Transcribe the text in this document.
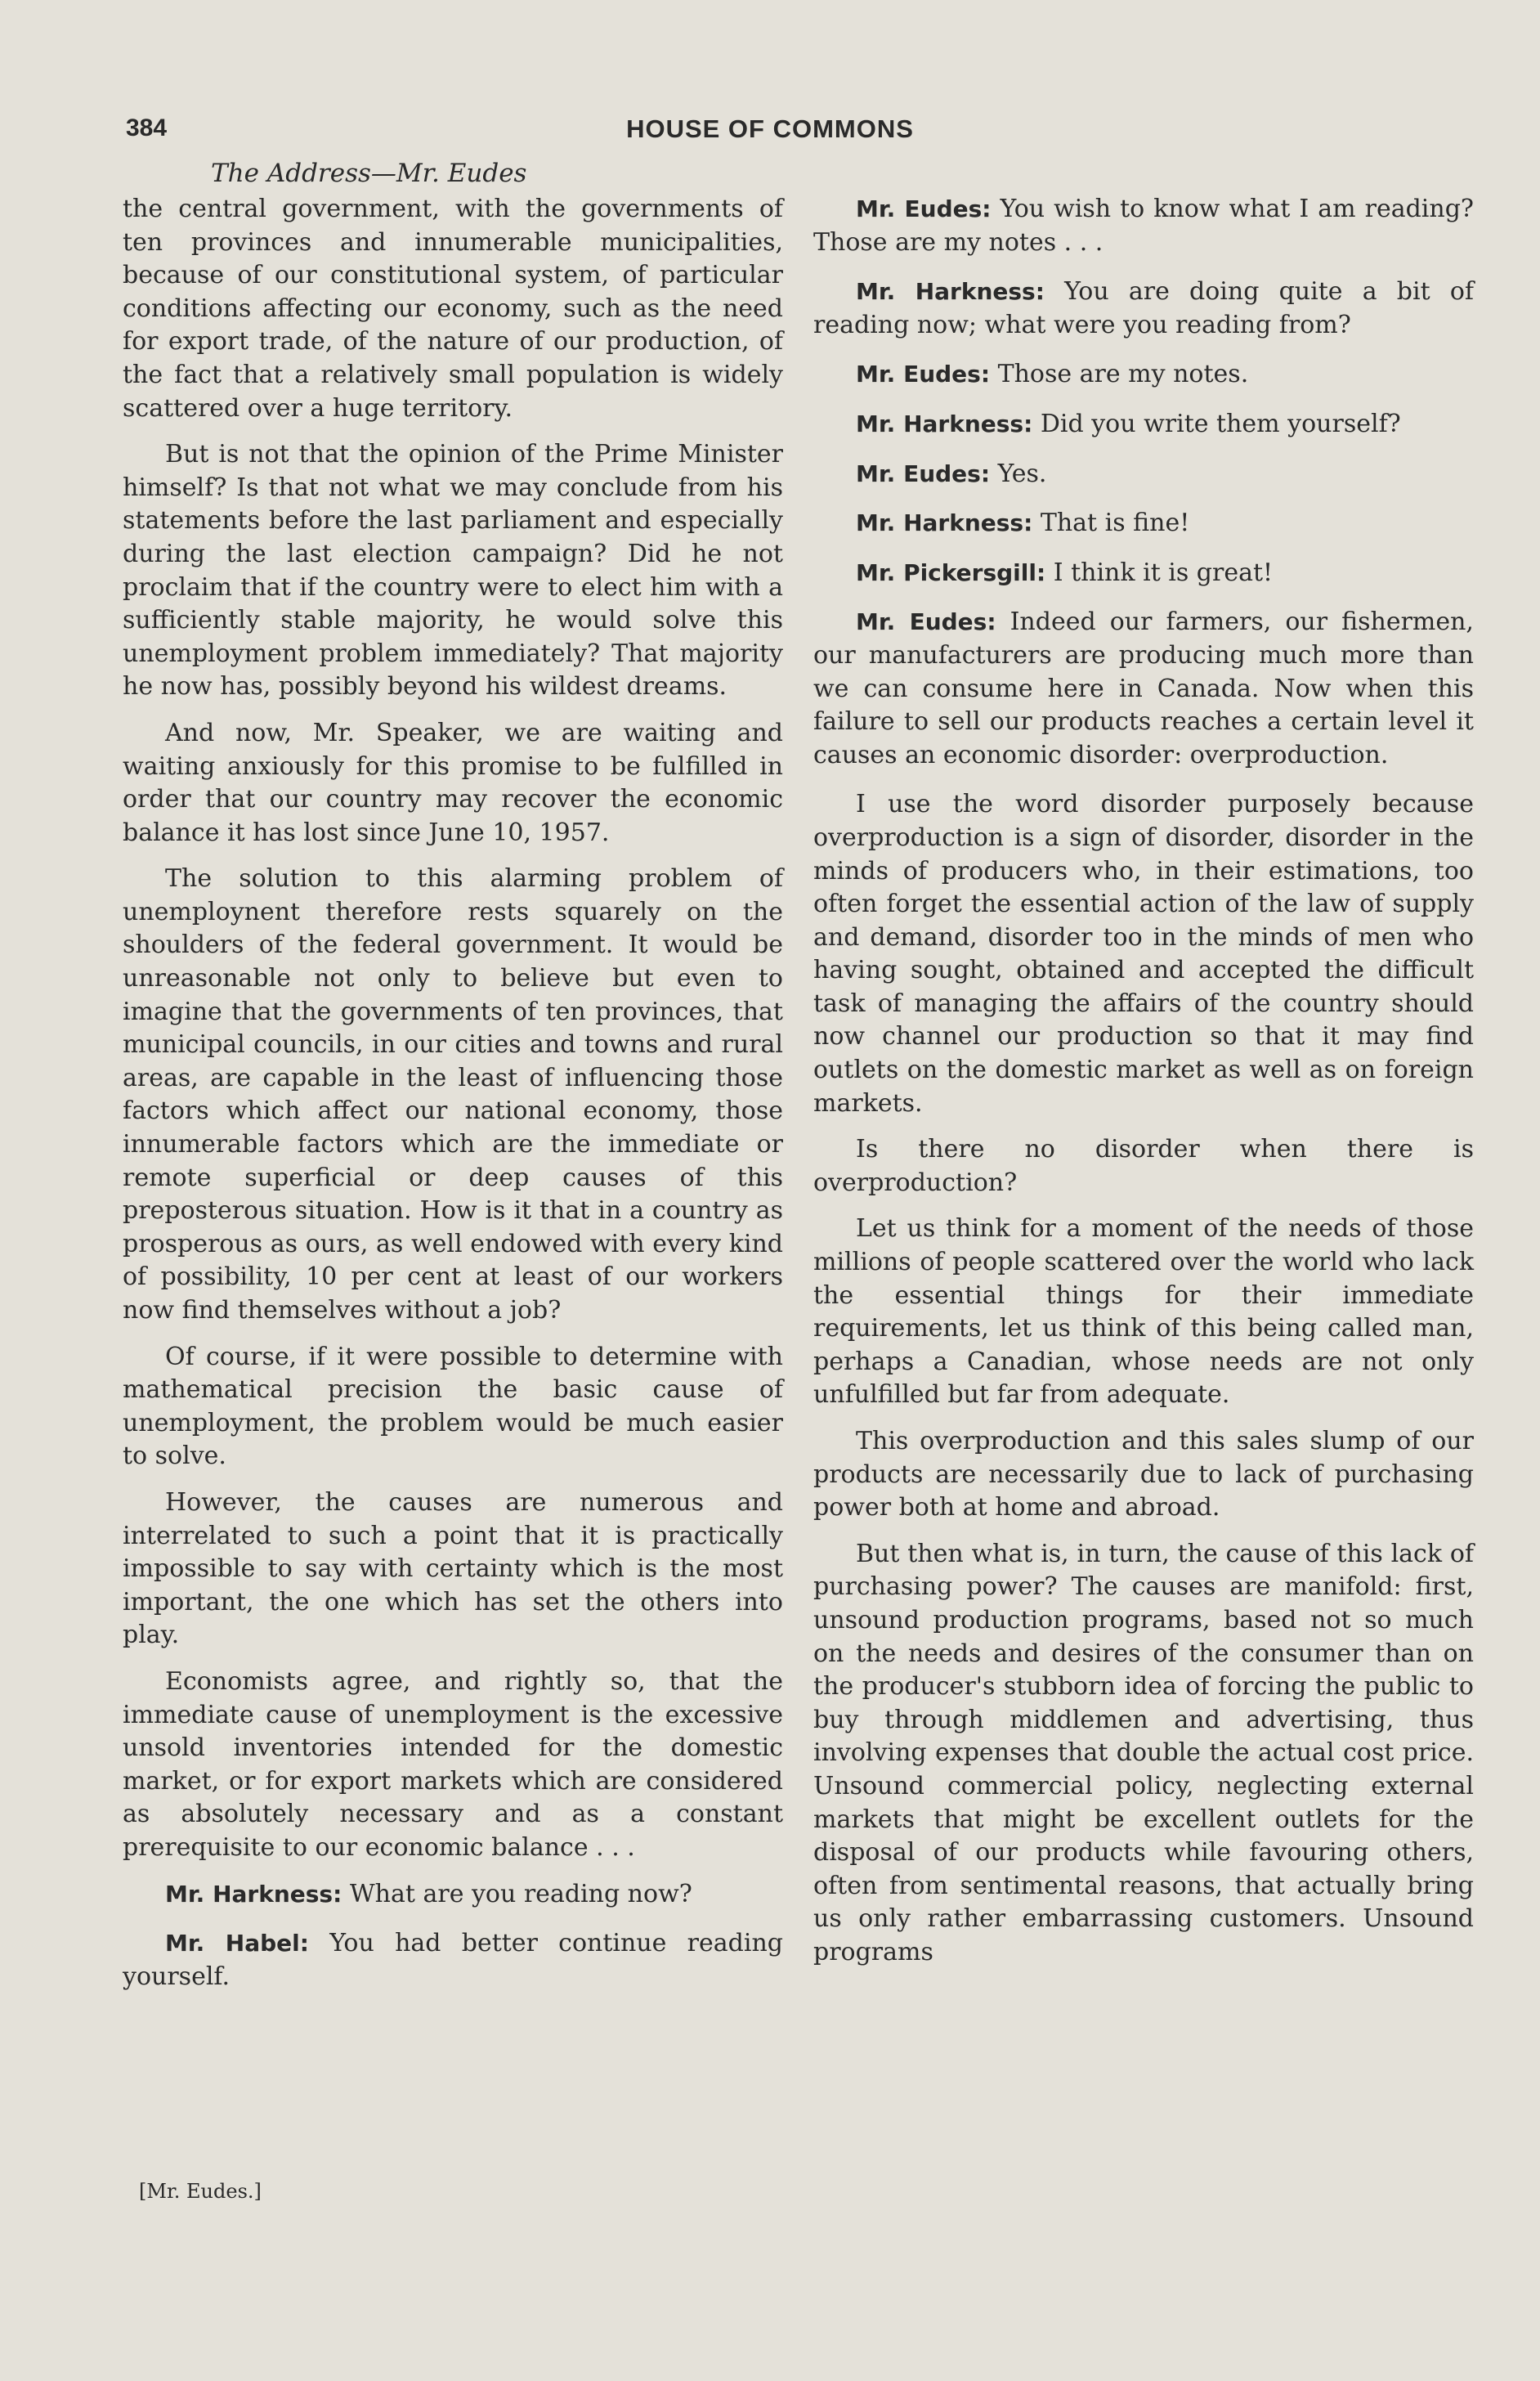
384	HOUSE OF COMMONS
The Address—Mr. Eudes

the central government, with the governments of ten provinces and innumerable municipalities, because of our constitutional system, of particular conditions affecting our economy, such as the need for export trade, of the nature of our production, of the fact that a relatively small population is widely scattered over a huge territory.

But is not that the opinion of the Prime Minister himself? Is that not what we may conclude from his statements before the last parliament and especially during the last election campaign? Did he not proclaim that if the country were to elect him with a sufficiently stable majority, he would solve this unemployment problem immediately? That majority he now has, possibly beyond his wildest dreams.

And now, Mr. Speaker, we are waiting and waiting anxiously for this promise to be fulfilled in order that our country may recover the economic balance it has lost since June 10, 1957.

The solution to this alarming problem of unemploynent therefore rests squarely on the shoulders of the federal government. It would be unreasonable not only to believe but even to imagine that the governments of ten provinces, that municipal councils, in our cities and towns and rural areas, are capable in the least of influencing those factors which affect our national economy, those innumerable factors which are the immediate or remote superficial or deep causes of this preposterous situation. How is it that in a country as prosperous as ours, as well endowed with every kind of possibility, 10 per cent at least of our workers now find themselves without a job?

Of course, if it were possible to determine with mathematical precision the basic cause of unemployment, the problem would be much easier to solve.

However, the causes are numerous and interrelated to such a point that it is practically impossible to say with certainty which is the most important, the one which has set the others into play.

Economists agree, and rightly so, that the immediate cause of unemployment is the excessive unsold inventories intended for the domestic market, or for export markets which are considered as absolutely necessary and as a constant prerequisite to our economic balance . . .

Mr. Harkness: What are you reading now?

Mr. Habel: You had better continue reading yourself.

Mr. Eudes: You wish to know what I am reading? Those are my notes . . .

Mr. Harkness: You are doing quite a bit of reading now; what were you reading from?

Mr. Eudes: Those are my notes.

Mr. Harkness: Did you write them yourself?

Mr. Eudes: Yes.

Mr. Harkness: That is fine!

Mr. Pickersgill: I think it is great!

Mr. Eudes: Indeed our farmers, our fishermen, our manufacturers are producing much more than we can consume here in Canada. Now when this failure to sell our products reaches a certain level it causes an economic disorder: overproduction.

I use the word disorder purposely because overproduction is a sign of disorder, disorder in the minds of producers who, in their estimations, too often forget the essential action of the law of supply and demand, disorder too in the minds of men who having sought, obtained and accepted the difficult task of managing the affairs of the country should now channel our production so that it may find outlets on the domestic market as well as on foreign markets.

Is there no disorder when there is overproduction?

Let us think for a moment of the needs of those millions of people scattered over the world who lack the essential things for their immediate requirements, let us think of this being called man, perhaps a Canadian, whose needs are not only unfulfilled but far from adequate.

This overproduction and this sales slump of our products are necessarily due to lack of purchasing power both at home and abroad.

But then what is, in turn, the cause of this lack of purchasing power? The causes are manifold: first, unsound production programs, based not so much on the needs and desires of the consumer than on the producer's stubborn idea of forcing the public to buy through middlemen and advertising, thus involving expenses that double the actual cost price. Unsound commercial policy, neglecting external markets that might be excellent outlets for the disposal of our products while favouring others, often from sentimental reasons, that actually bring us only rather embarrassing customers. Unsound programs

[Mr. Eudes.]
